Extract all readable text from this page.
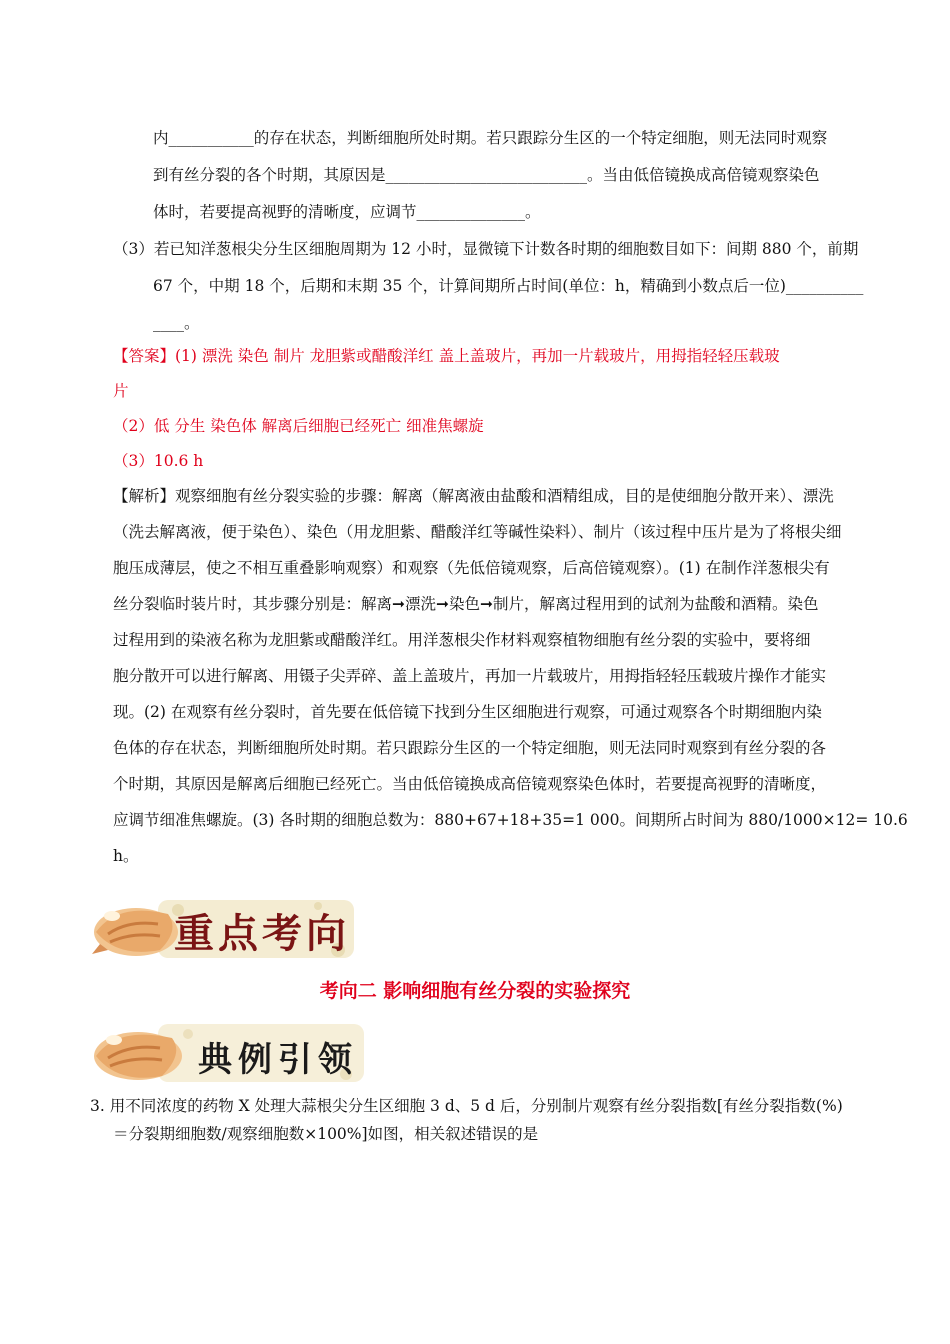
内___________的存在状态，判断细胞所处时期。若只跟踪分生区的一个特定细胞，则无法同时观察
到有丝分裂的各个时期，其原因是__________________________。当由低倍镜换成高倍镜观察染色
体时，若要提高视野的清晰度，应调节______________。
（3）若已知洋葱根尖分生区细胞周期为 12 小时，显微镜下计数各时期的细胞数目如下：间期 880 个，前期
67 个，中期 18 个，后期和末期 35 个，计算间期所占时间(单位：h，精确到小数点后一位)__________
____。
【答案】(1) 漂洗 染色 制片 龙胆紫或醋酸洋红 盖上盖玻片，再加一片载玻片，用拇指轻轻压载玻
片
（2）低 分生 染色体 解离后细胞已经死亡 细准焦螺旋
（3）10.6 h
【解析】观察细胞有丝分裂实验的步骤：解离（解离液由盐酸和酒精组成，目的是使细胞分散开来）、漂洗
（洗去解离液，便于染色）、染色（用龙胆紫、醋酸洋红等碱性染料）、制片（该过程中压片是为了将根尖细
胞压成薄层，使之不相互重叠影响观察）和观察（先低倍镜观察，后高倍镜观察）。(1) 在制作洋葱根尖有
丝分裂临时装片时，其步骤分别是：解离➞漂洗➞染色➞制片，解离过程用到的试剂为盐酸和酒精。染色
过程用到的染液名称为龙胆紫或醋酸洋红。用洋葱根尖作材料观察植物细胞有丝分裂的实验中，要将细
胞分散开可以进行解离、用镊子尖弄碎、盖上盖玻片，再加一片载玻片，用拇指轻轻压载玻片操作才能实
现。(2) 在观察有丝分裂时，首先要在低倍镜下找到分生区细胞进行观察，可通过观察各个时期细胞内染
色体的存在状态，判断细胞所处时期。若只跟踪分生区的一个特定细胞，则无法同时观察到有丝分裂的各
个时期，其原因是解离后细胞已经死亡。当由低倍镜换成高倍镜观察染色体时，若要提高视野的清晰度，
应调节细准焦螺旋。(3) 各时期的细胞总数为：880+67+18+35=1 000。间期所占时间为 880/1000×12= 10.6
h。
重点考向
考向二 影响细胞有丝分裂的实验探究
典例引领
3. 用不同浓度的药物 X 处理大蒜根尖分生区细胞 3 d、5 d 后，分别制片观察有丝分裂指数[有丝分裂指数(%)
＝分裂期细胞数/观察细胞数×100%]如图，相关叙述错误的是
